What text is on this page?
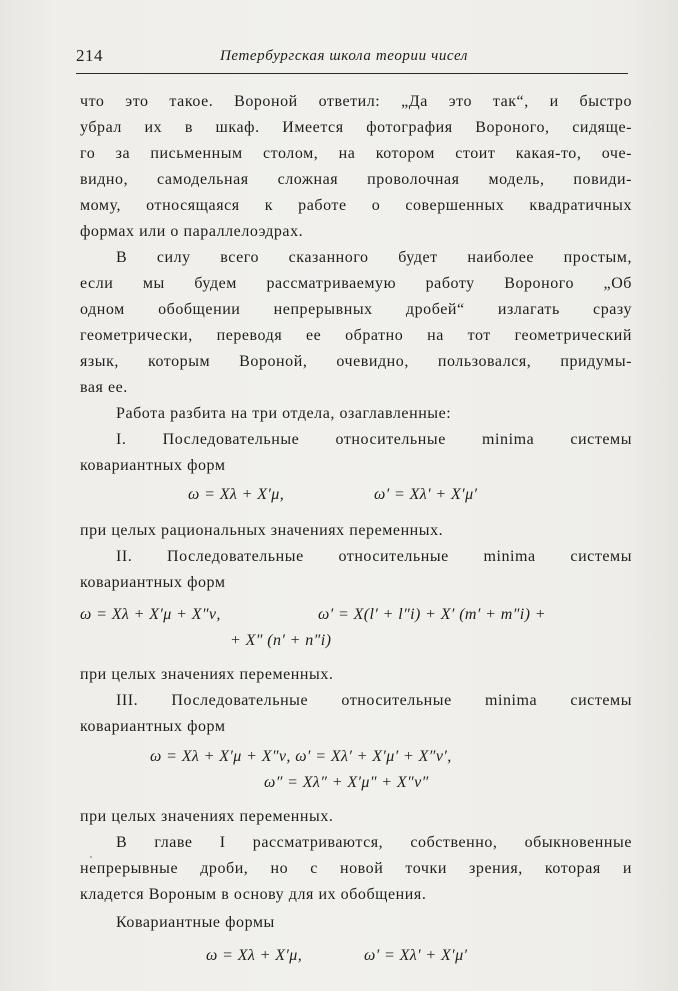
214	Петербургская школа теории чисел
что это такое. Вороной ответил: „Да это так“, и быстро
убрал их в шкаф. Имеется фотография Вороного, сидяще-
го за письменным столом, на котором стоит какая-то, оче-
видно, самодельная сложная проволочная модель, повиди-
мому, относящаяся к работе о совершенных квадратичных
формах или о параллелоэдрах.
В силу всего сказанного будет наиболее простым,
если мы будем рассматриваемую работу Вороного „Об
одном обобщении непрерывных дробей“ излагать сразу
геометрически, переводя ее обратно на тот геометрический
язык, которым Вороной, очевидно, пользовался, придумы-
вая ее.
Работа разбита на три отдела, озаглавленные:
I. Последовательные относительные minima системы
ковариантных форм
ω = Xλ + X′μ,	ω′ = Xλ′ + X′μ′
при целых рациональных значениях переменных.
II. Последовательные относительные minima системы
ковариантных форм
ω = Xλ + X′μ + X″ν,	ω′ = X(l′ + l″i) + X′ (m′ + m″i) +
+ X″ (n′ + n″i)
при целых значениях переменных.
III. Последовательные относительные minima системы
ковариантных форм
ω = Xλ + X′μ + X″ν, ω′ = Xλ′ + X′μ′ + X″ν′,
ω″ = Xλ″ + X′μ″ + X″ν″
при целых значениях переменных.
В главе I рассматриваются, собственно, обыкновенные
непрерывные дроби, но с новой точки зрения, которая и
кладется Вороным в основу для их обобщения.
Ковариантные формы
ω = Xλ + X′μ,	ω′ = Xλ′ + X′μ′
